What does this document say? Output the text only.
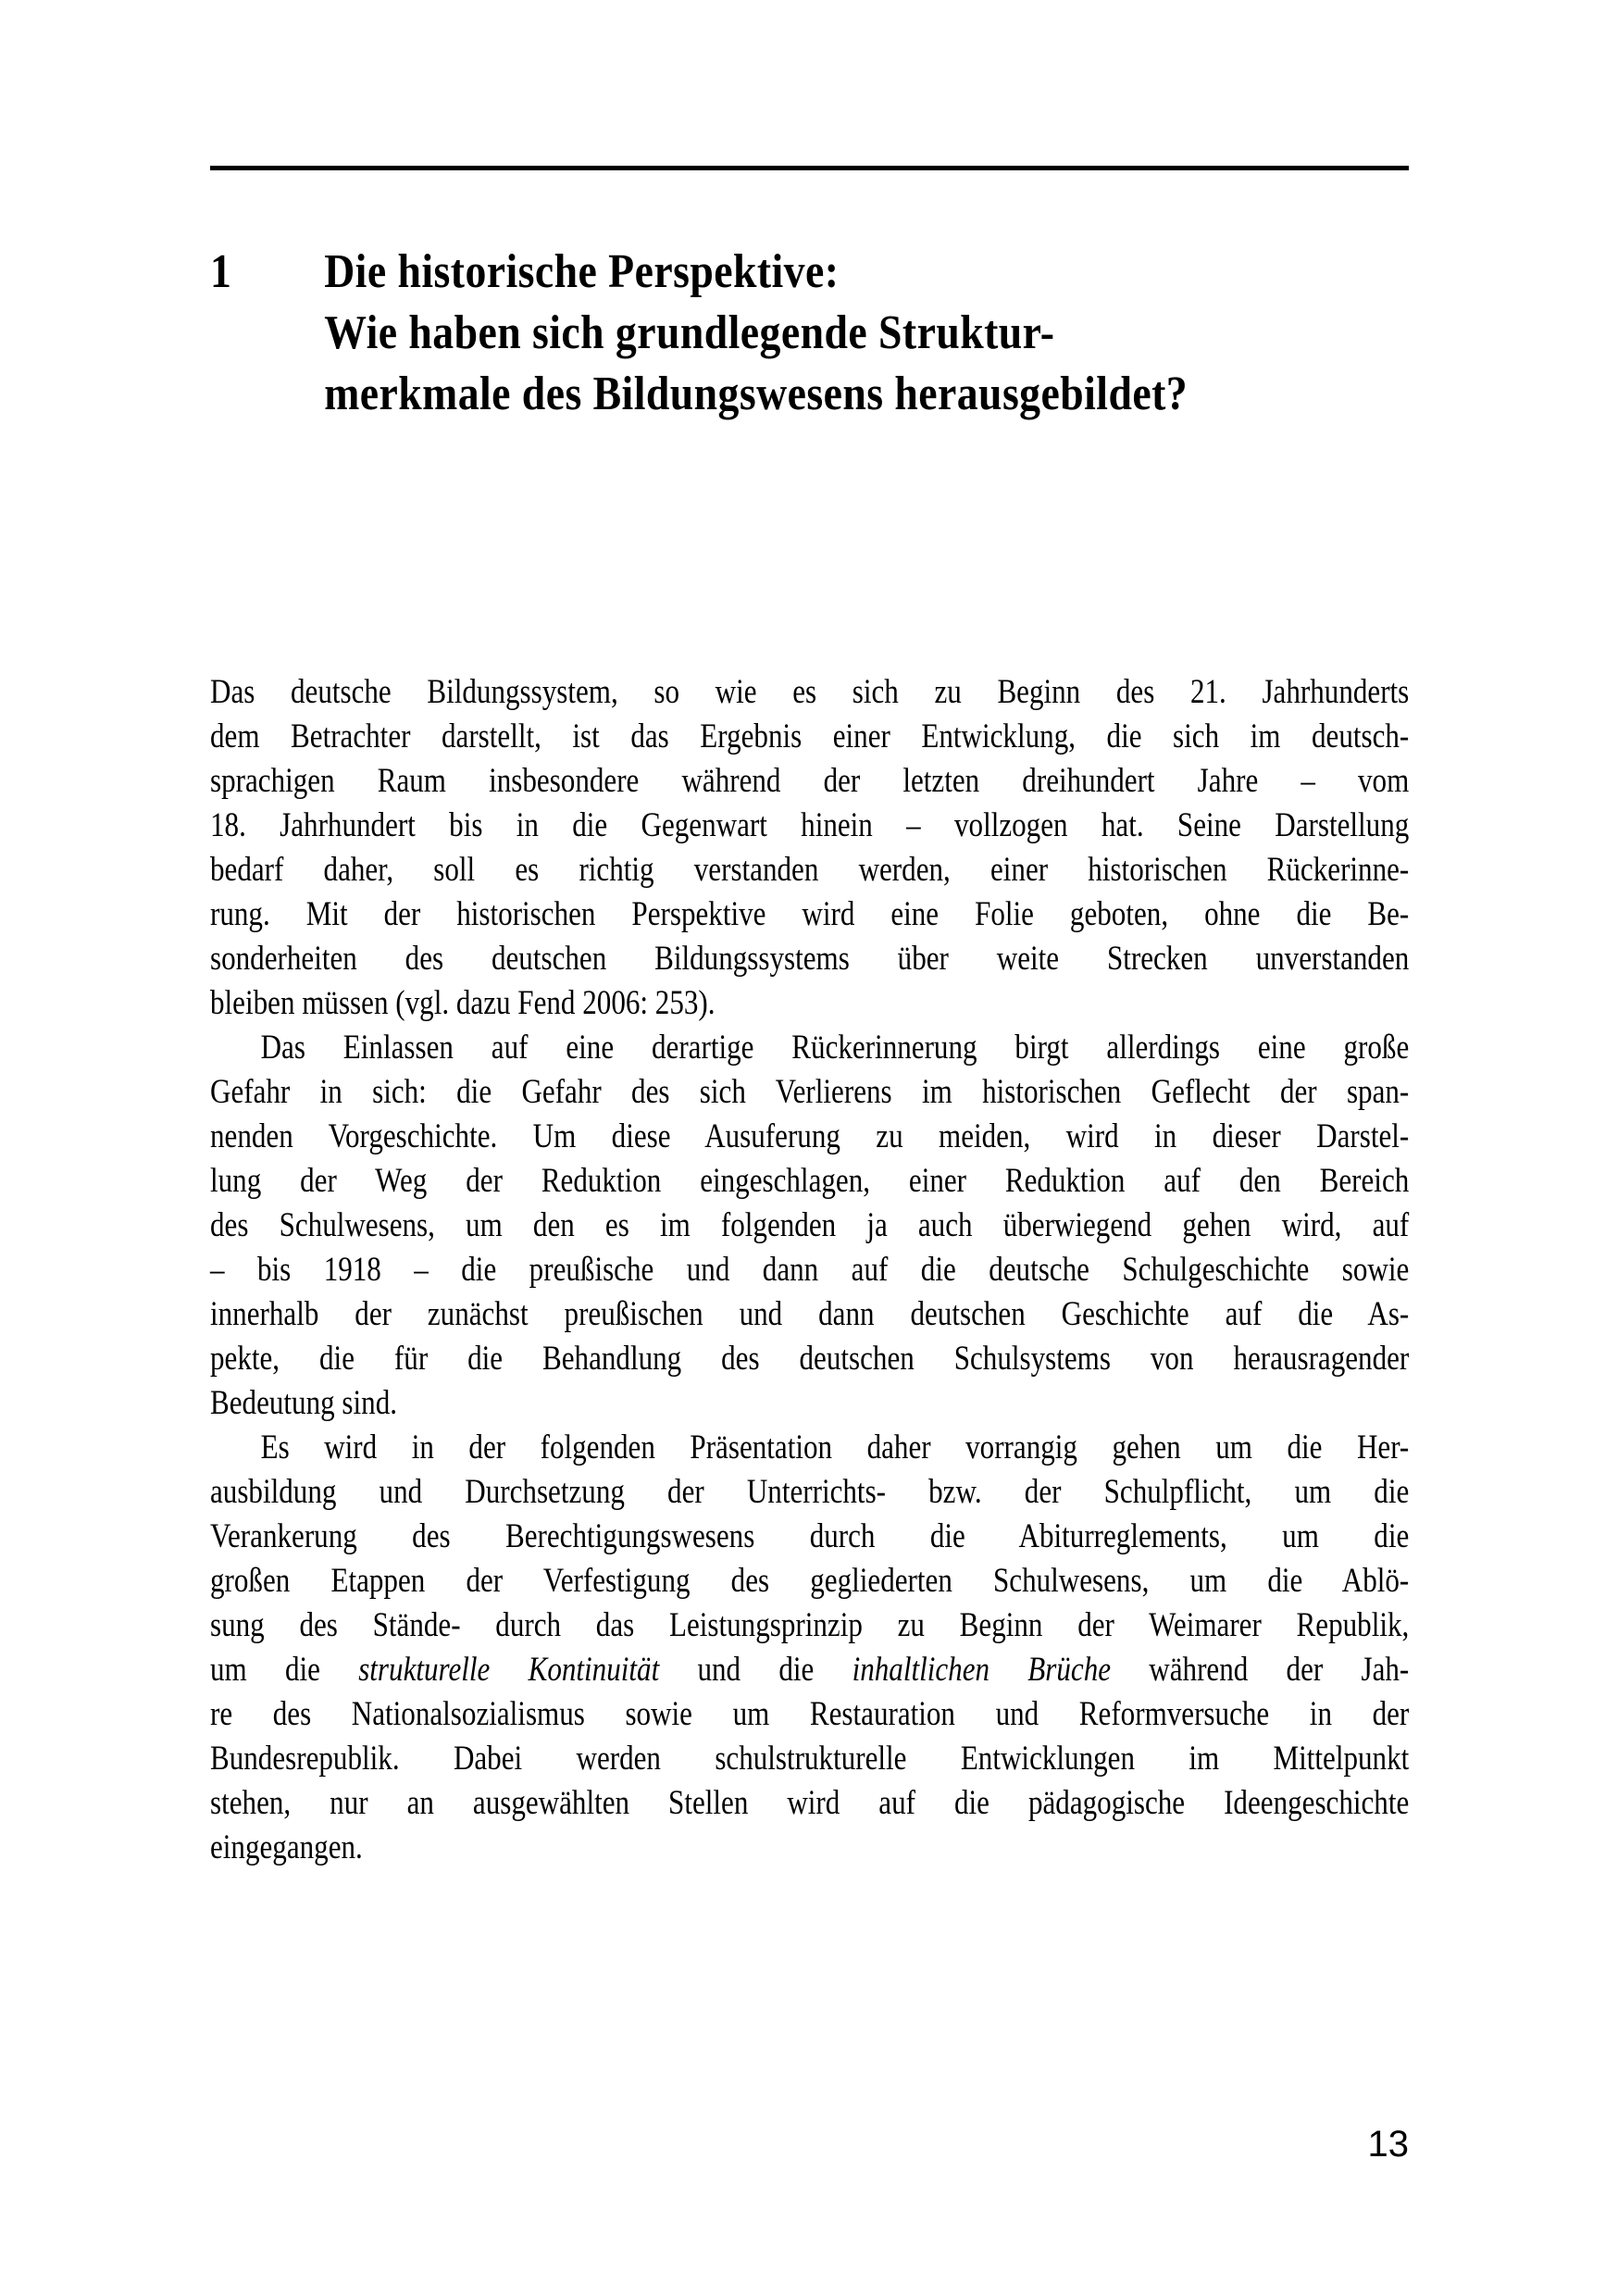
1	Die historische Perspektive:
Wie haben sich grundlegende Struktur-
merkmale des Bildungswesens herausgebildet?
Das deutsche Bildungssystem, so wie es sich zu Beginn des 21. Jahrhunderts
dem Betrachter darstellt, ist das Ergebnis einer Entwicklung, die sich im deutsch-
sprachigen Raum insbesondere während der letzten dreihundert Jahre – vom
18. Jahrhundert bis in die Gegenwart hinein – vollzogen hat. Seine Darstellung
bedarf daher, soll es richtig verstanden werden, einer historischen Rückerinne-
rung. Mit der historischen Perspektive wird eine Folie geboten, ohne die Be-
sonderheiten des deutschen Bildungssystems über weite Strecken unverstanden
bleiben müssen (vgl. dazu Fend 2006: 253).
Das Einlassen auf eine derartige Rückerinnerung birgt allerdings eine große
Gefahr in sich: die Gefahr des sich Verlierens im historischen Geflecht der span-
nenden Vorgeschichte. Um diese Ausuferung zu meiden, wird in dieser Darstel-
lung der Weg der Reduktion eingeschlagen, einer Reduktion auf den Bereich
des Schulwesens, um den es im folgenden ja auch überwiegend gehen wird, auf
– bis 1918 – die preußische und dann auf die deutsche Schulgeschichte sowie
innerhalb der zunächst preußischen und dann deutschen Geschichte auf die As-
pekte, die für die Behandlung des deutschen Schulsystems von herausragender
Bedeutung sind.
Es wird in der folgenden Präsentation daher vorrangig gehen um die Her-
ausbildung und Durchsetzung der Unterrichts- bzw. der Schulpflicht, um die
Verankerung des Berechtigungswesens durch die Abiturreglements, um die
großen Etappen der Verfestigung des gegliederten Schulwesens, um die Ablö-
sung des Stände- durch das Leistungsprinzip zu Beginn der Weimarer Republik,
um die strukturelle Kontinuität und die inhaltlichen Brüche während der Jah-
re des Nationalsozialismus sowie um Restauration und Reformversuche in der
Bundesrepublik. Dabei werden schulstrukturelle Entwicklungen im Mittelpunkt
stehen, nur an ausgewählten Stellen wird auf die pädagogische Ideengeschichte
eingegangen.
13
